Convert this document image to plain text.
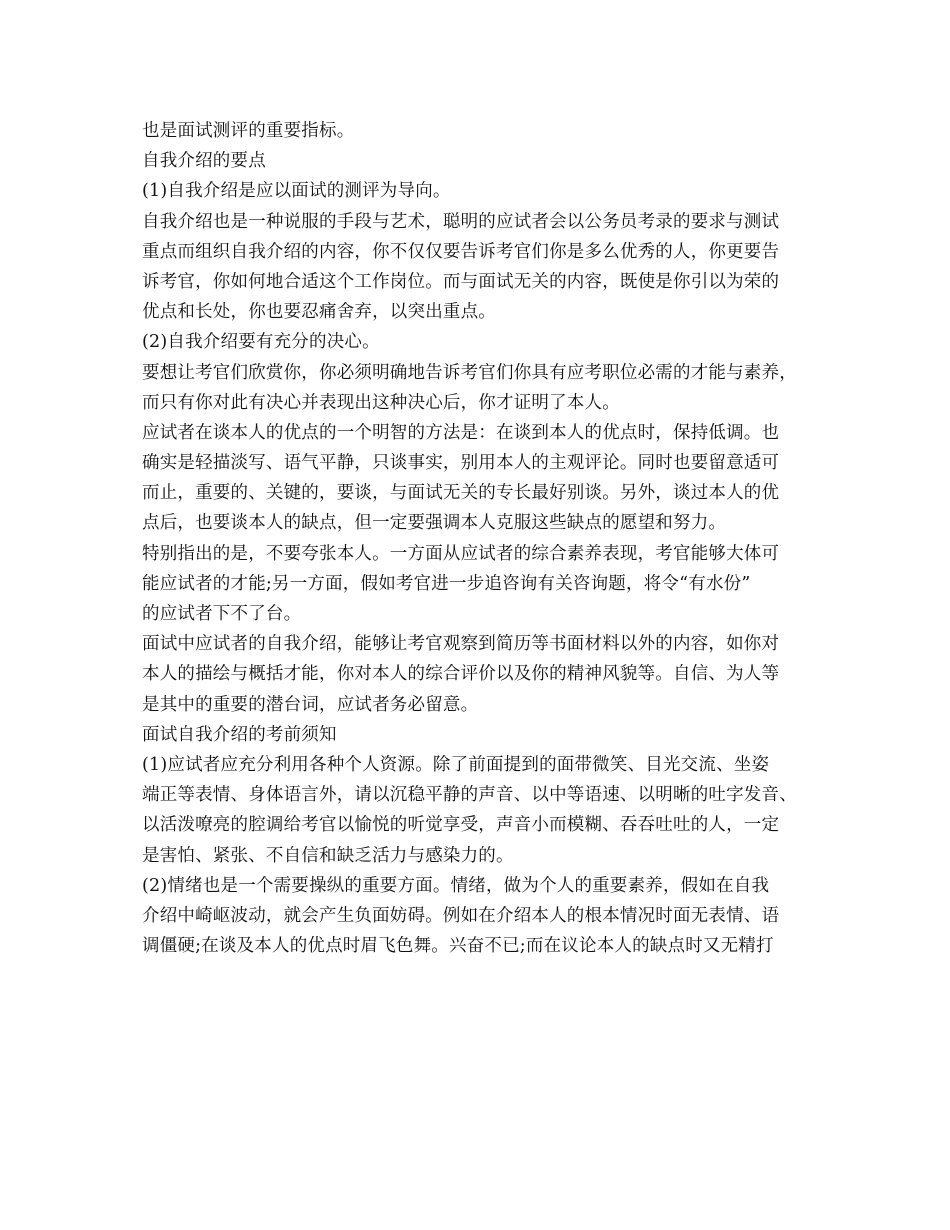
也是面试测评的重要指标。
自我介绍的要点
(1)自我介绍是应以面试的测评为导向。
自我介绍也是一种说服的手段与艺术，聪明的应试者会以公务员考录的要求与测试
重点而组织自我介绍的内容，你不仅仅要告诉考官们你是多么优秀的人，你更要告
诉考官，你如何地合适这个工作岗位。而与面试无关的内容，既使是你引以为荣的
优点和长处，你也要忍痛舍弃，以突出重点。
(2)自我介绍要有充分的决心。
要想让考官们欣赏你，你必须明确地告诉考官们你具有应考职位必需的才能与素养，
而只有你对此有决心并表现出这种决心后，你才证明了本人。
应试者在谈本人的优点的一个明智的方法是：在谈到本人的优点时，保持低调。也
确实是轻描淡写、语气平静，只谈事实，别用本人的主观评论。同时也要留意适可
而止，重要的、关键的，要谈，与面试无关的专长最好别谈。另外，谈过本人的优
点后，也要谈本人的缺点，但一定要强调本人克服这些缺点的愿望和努力。
特别指出的是，不要夸张本人。一方面从应试者的综合素养表现，考官能够大体可
能应试者的才能;另一方面，假如考官进一步追咨询有关咨询题，将令“有水份”
的应试者下不了台。
面试中应试者的自我介绍，能够让考官观察到简历等书面材料以外的内容，如你对
本人的描绘与概括才能，你对本人的综合评价以及你的精神风貌等。自信、为人等
是其中的重要的潜台词，应试者务必留意。
面试自我介绍的考前须知
(1)应试者应充分利用各种个人资源。除了前面提到的面带微笑、目光交流、坐姿
端正等表情、身体语言外，请以沉稳平静的声音、以中等语速、以明晰的吐字发音、
以活泼嘹亮的腔调给考官以愉悦的听觉享受，声音小而模糊、吞吞吐吐的人，一定
是害怕、紧张、不自信和缺乏活力与感染力的。
(2)情绪也是一个需要操纵的重要方面。情绪，做为个人的重要素养，假如在自我
介绍中崎岖波动，就会产生负面妨碍。例如在介绍本人的根本情况时面无表情、语
调僵硬;在谈及本人的优点时眉飞色舞。兴奋不已;而在议论本人的缺点时又无精打
